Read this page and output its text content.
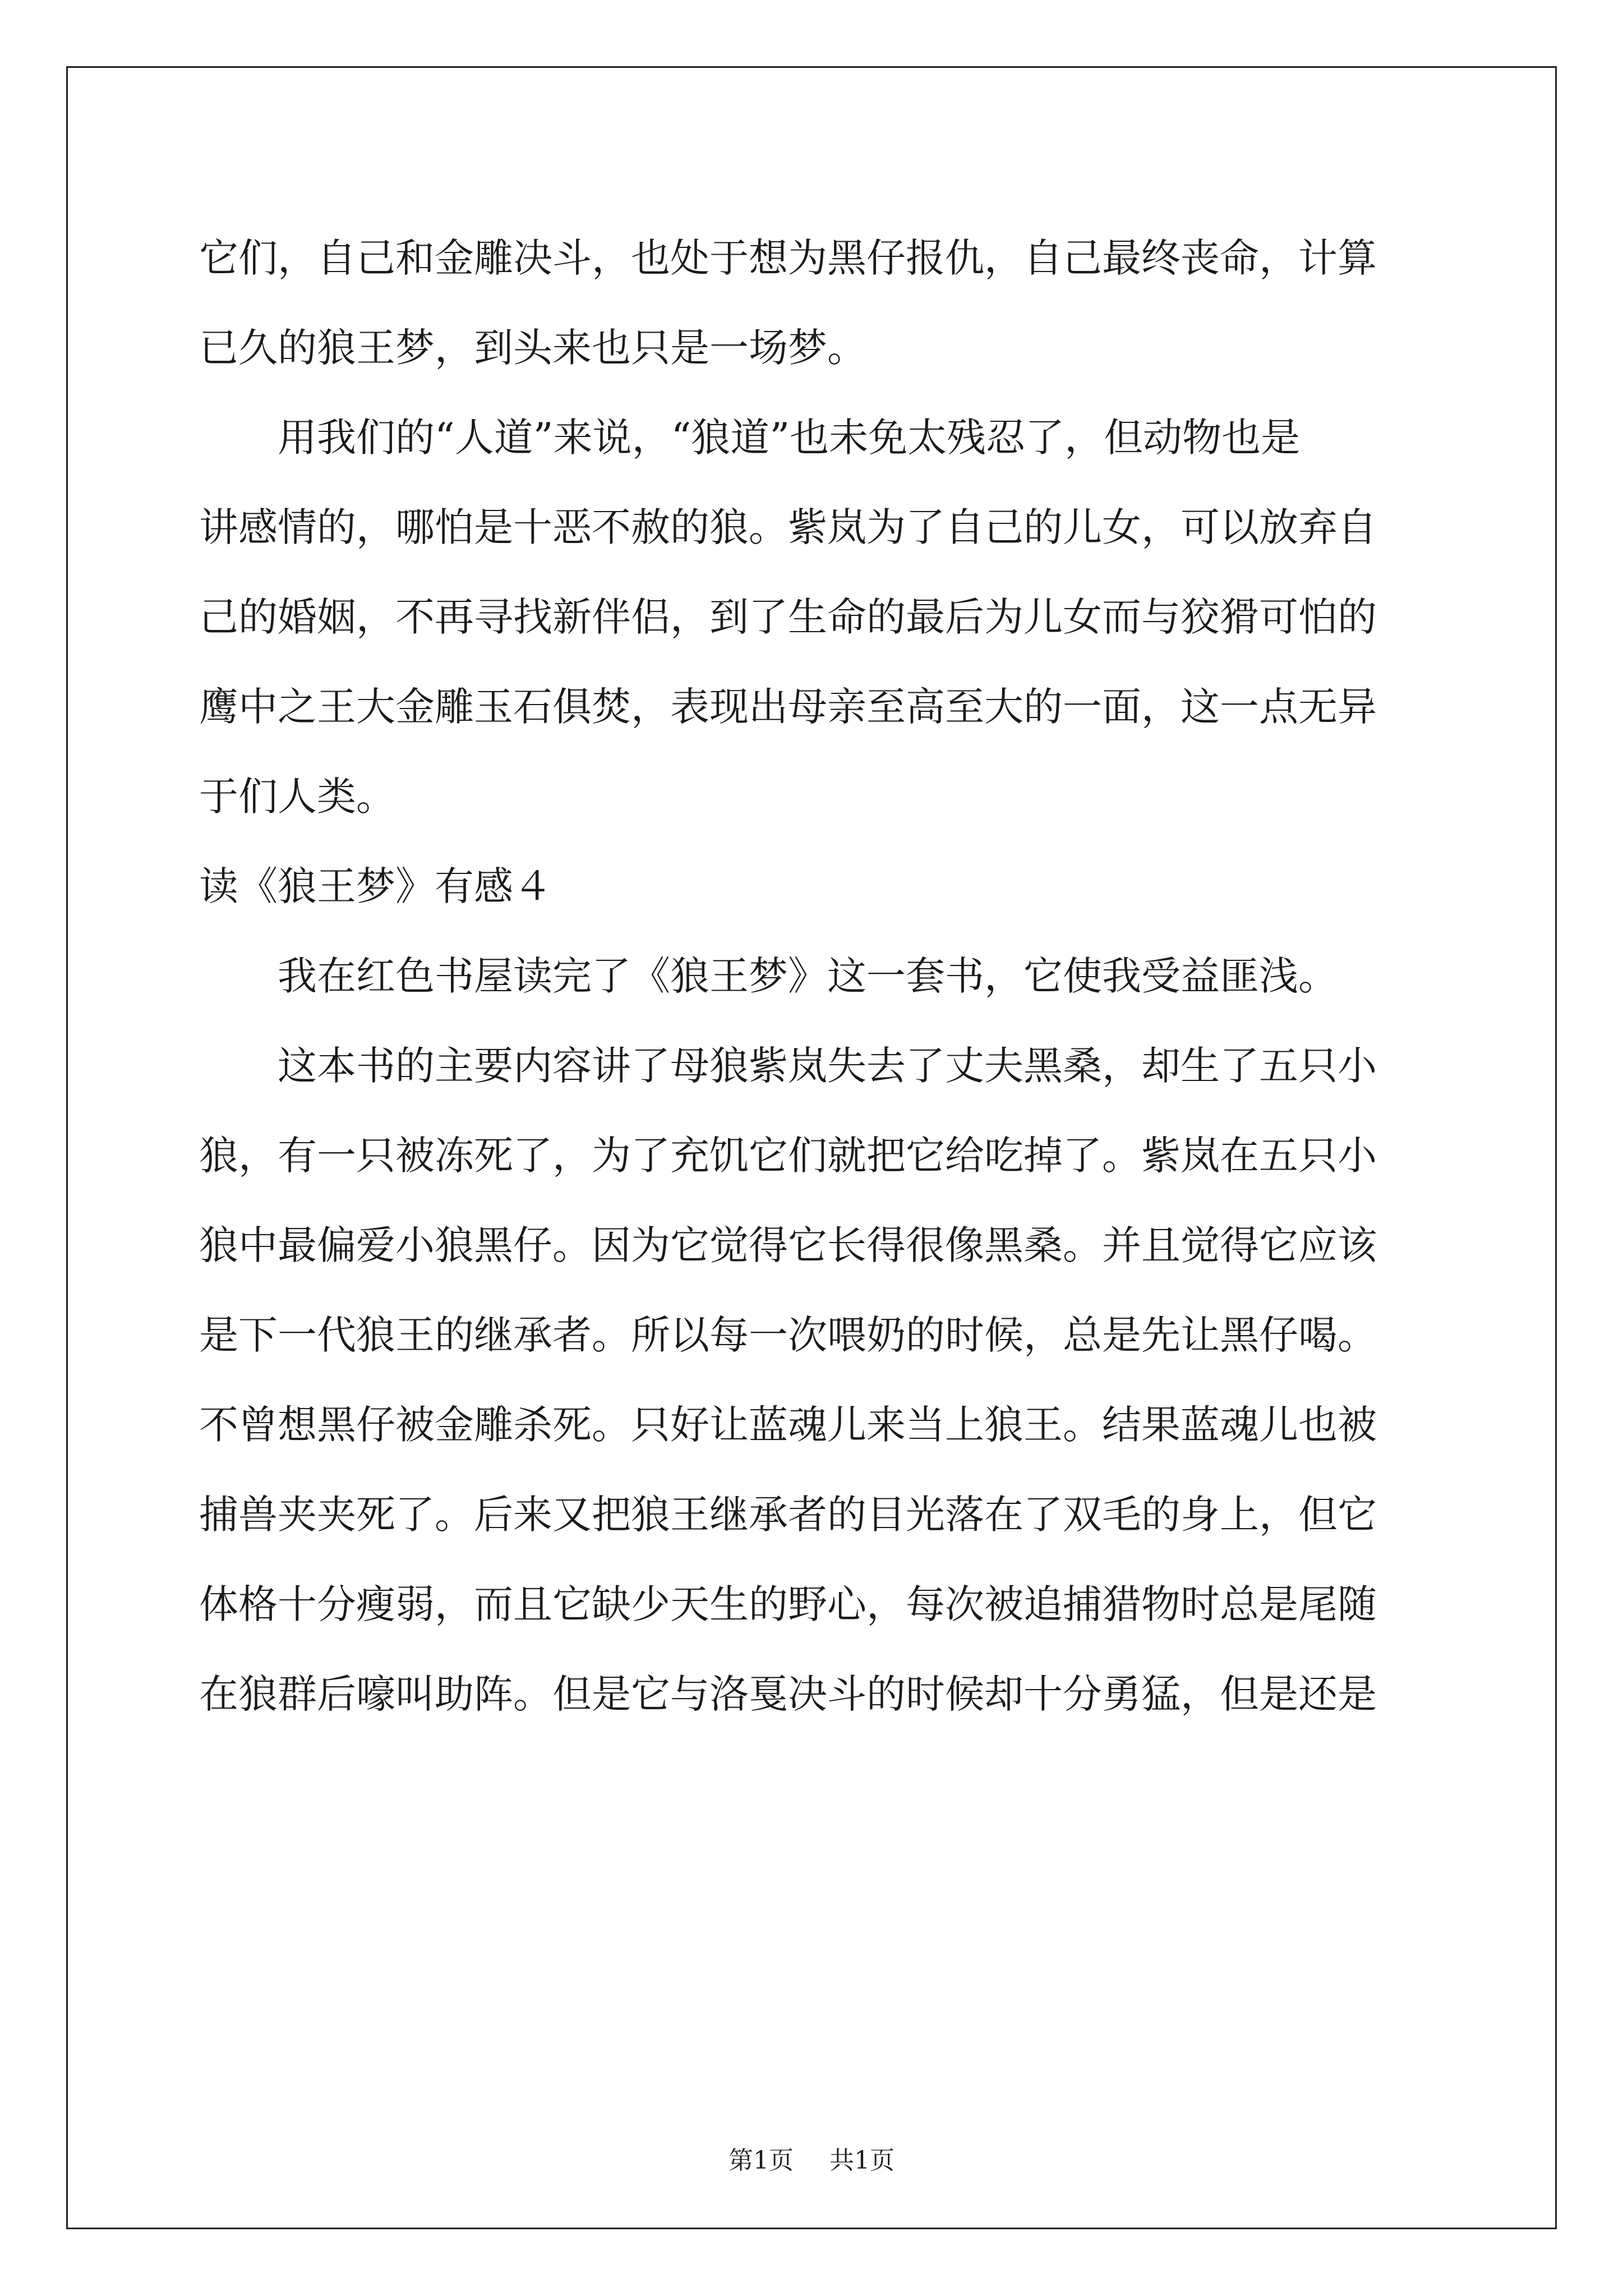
它们，自己和金雕决斗，也处于想为黑仔报仇，自己最终丧命，计算
已久的狼王梦，到头来也只是一场梦。
　　用我们的“人道”来说，“狼道”也未免太残忍了，但动物也是
讲感情的，哪怕是十恶不赦的狼。紫岚为了自己的儿女，可以放弃自
己的婚姻，不再寻找新伴侣，到了生命的最后为儿女而与狡猾可怕的
鹰中之王大金雕玉石俱焚，表现出母亲至高至大的一面，这一点无异
于们人类。
读《狼王梦》有感４
　　我在红色书屋读完了《狼王梦》这一套书，它使我受益匪浅。
　　这本书的主要内容讲了母狼紫岚失去了丈夫黑桑，却生了五只小
狼，有一只被冻死了，为了充饥它们就把它给吃掉了。紫岚在五只小
狼中最偏爱小狼黑仔。因为它觉得它长得很像黑桑。并且觉得它应该
是下一代狼王的继承者。所以每一次喂奶的时候，总是先让黑仔喝。
不曾想黑仔被金雕杀死。只好让蓝魂儿来当上狼王。结果蓝魂儿也被
捕兽夹夹死了。后来又把狼王继承者的目光落在了双毛的身上，但它
体格十分瘦弱，而且它缺少天生的野心，每次被追捕猎物时总是尾随
在狼群后嚎叫助阵。但是它与洛戛决斗的时候却十分勇猛，但是还是
第1页 共1页
